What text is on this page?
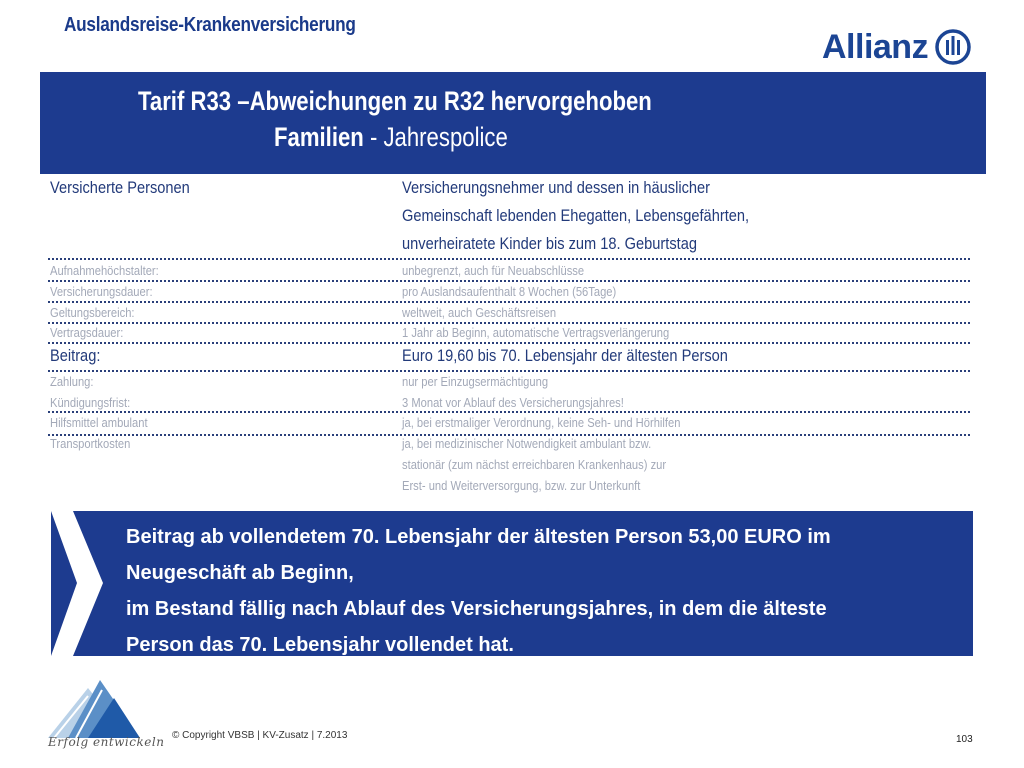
Auslandsreise-Krankenversicherung
Allianz
Tarif R33 –Abweichungen zu R32 hervorgehoben
Familien - Jahrespolice
Versicherte Personen	Versicherungsnehmer und dessen in häuslicher
Gemeinschaft lebenden Ehegatten, Lebensgefährten,
unverheiratete Kinder bis zum 18. Geburtstag
Aufnahmehöchstalter:	unbegrenzt, auch für Neuabschlüsse
Versicherungsdauer:	pro Auslandsaufenthalt 8 Wochen (56Tage)
Geltungsbereich:	weltweit, auch Geschäftsreisen
Vertragsdauer:	1 Jahr ab Beginn, automatische Vertragsverlängerung
Beitrag:	Euro 19,60 bis 70. Lebensjahr der ältesten Person
Zahlung:	nur per Einzugsermächtigung
Kündigungsfrist:	3 Monat vor Ablauf des Versicherungsjahres!
Hilfsmittel ambulant	ja, bei erstmaliger Verordnung, keine Seh- und Hörhilfen
Transportkosten	ja, bei medizinischer Notwendigkeit ambulant bzw.
stationär (zum nächst erreichbaren Krankenhaus) zur
Erst- und Weiterversorgung, bzw. zur Unterkunft
Beitrag ab vollendetem 70. Lebensjahr der ältesten Person 53,00 EURO im
Neugeschäft ab Beginn,
im Bestand fällig nach Ablauf des Versicherungsjahres, in dem die älteste
Person das 70. Lebensjahr vollendet hat.
Erfolg entwickeln © Copyright VBSB | KV-Zusatz | 7.2013	103
